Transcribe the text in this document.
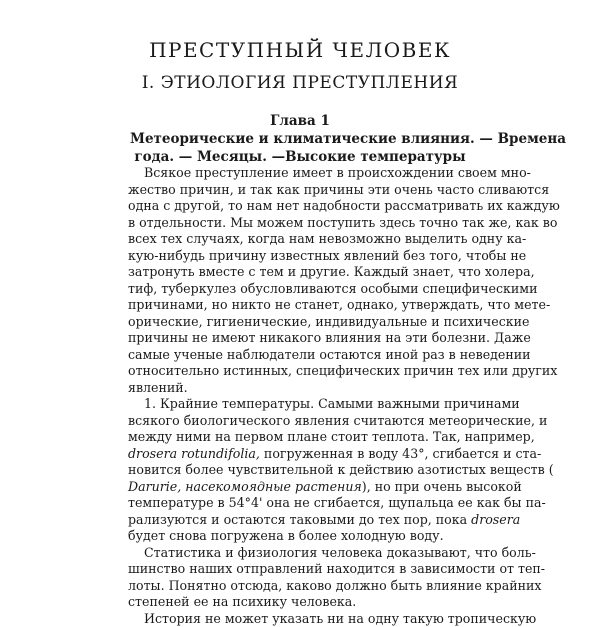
ПРЕСТУПНЫЙ ЧЕЛОВЕК
I. ЭТИОЛОГИЯ ПРЕСТУПЛЕНИЯ
Глава 1
Метеорические и климатические влияния. — Времена
года. — Месяцы. —Высокие температуры
Всякое преступление имеет в происхождении своем мно-
жество причин, и так как причины эти очень часто сливаются
одна с другой, то нам нет надобности рассматривать их каждую
в отдельности. Мы можем поступить здесь точно так же, как во
всех тех случаях, когда нам невозможно выделить одну ка-
кую-нибудь причину известных явлений без того, чтобы не
затронуть вместе с тем и другие. Каждый знает, что холера,
тиф, туберкулез обусловливаются особыми специфическими
причинами, но никто не станет, однако, утверждать, что мете-
орические, гигиенические, индивидуальные и психические
причины не имеют никакого влияния на эти болезни. Даже
самые ученые наблюдатели остаются иной раз в неведении
относительно истинных, специфических причин тех или других
явлений.
1. Крайние температуры. Самыми важными причинами
всякого биологического явления считаются метеорические, и
между ними на первом плане стоит теплота. Так, например,
drosera rotundifolia, погруженная в воду 43°, сгибается и ста-
новится более чувствительной к действию азотистых веществ (
Darurie, насекомоядные растения), но при очень высокой
температуре в 54°4' она не сгибается, щупальца ее как бы па-
рализуются и остаются таковыми до тех пор, пока drosera
будет снова погружена в более холодную воду.
Статистика и физиология человека доказывают, что боль-
шинство наших отправлений находится в зависимости от теп-
лоты. Понятно отсюда, каково должно быть влияние крайних
степеней ее на психику человека.
История не может указать ни на одну такую тропическую
